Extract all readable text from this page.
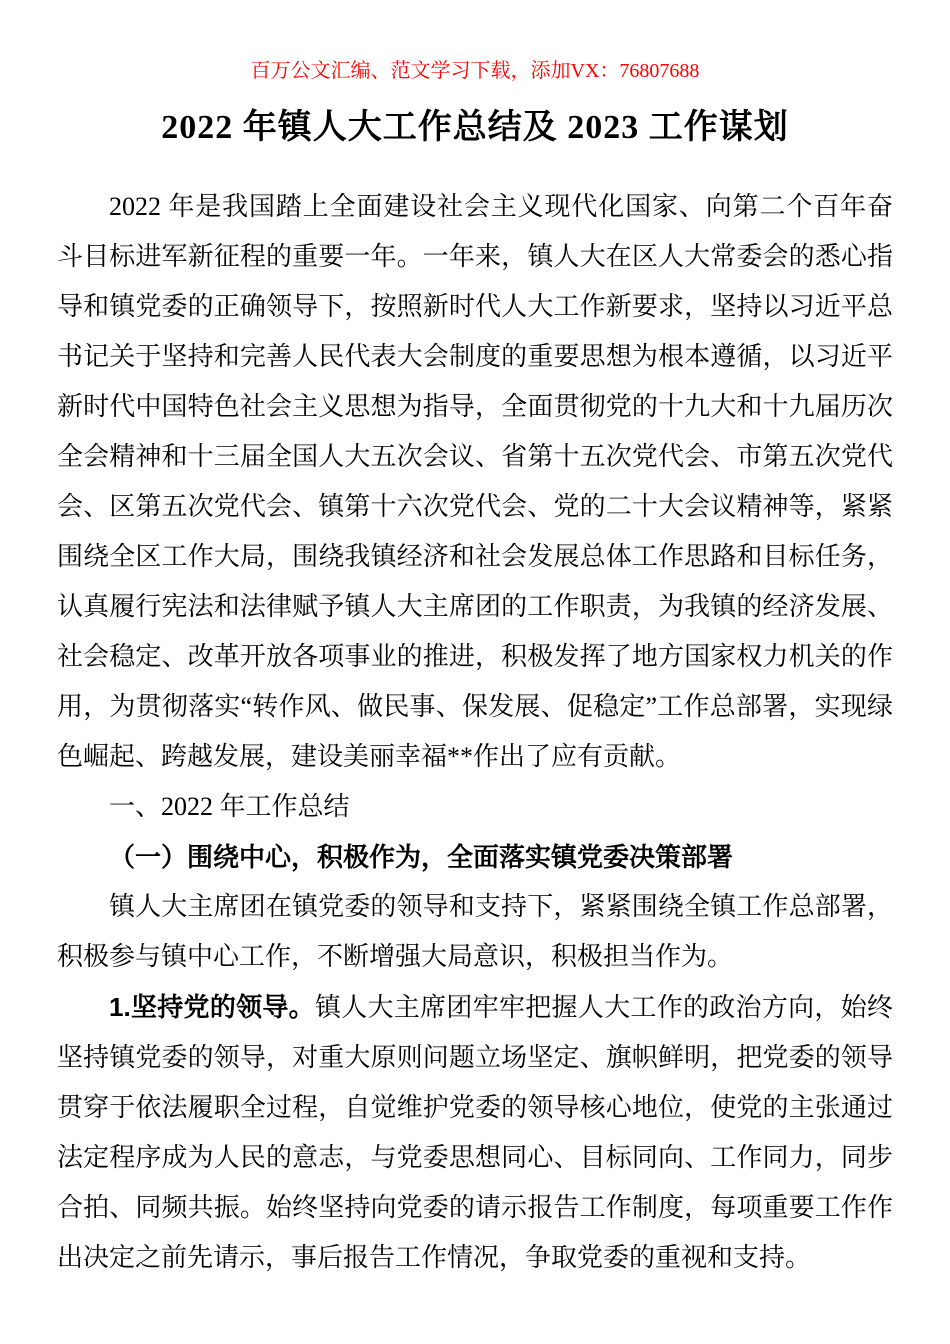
百万公文汇编、范文学习下载，添加VX：76807688
2022 年镇人大工作总结及 2023 工作谋划

2022 年是我国踏上全面建设社会主义现代化国家、向第二个百年奋斗目标进军新征程的重要一年。一年来，镇人大在区人大常委会的悉心指导和镇党委的正确领导下，按照新时代人大工作新要求，坚持以习近平总书记关于坚持和完善人民代表大会制度的重要思想为根本遵循，以习近平新时代中国特色社会主义思想为指导，全面贯彻党的十九大和十九届历次全会精神和十三届全国人大五次会议、省第十五次党代会、市第五次党代会、区第五次党代会、镇第十六次党代会、党的二十大会议精神等，紧紧围绕全区工作大局，围绕我镇经济和社会发展总体工作思路和目标任务，认真履行宪法和法律赋予镇人大主席团的工作职责，为我镇的经济发展、社会稳定、改革开放各项事业的推进，积极发挥了地方国家权力机关的作用，为贯彻落实“转作风、做民事、保发展、促稳定”工作总部署，实现绿色崛起、跨越发展，建设美丽幸福**作出了应有贡献。

一、2022 年工作总结

（一）围绕中心，积极作为，全面落实镇党委决策部署

镇人大主席团在镇党委的领导和支持下，紧紧围绕全镇工作总部署，积极参与镇中心工作，不断增强大局意识，积极担当作为。

1.坚持党的领导。镇人大主席团牢牢把握人大工作的政治方向，始终坚持镇党委的领导，对重大原则问题立场坚定、旗帜鲜明，把党委的领导贯穿于依法履职全过程，自觉维护党委的领导核心地位，使党的主张通过法定程序成为人民的意志，与党委思想同心、目标同向、工作同力，同步合拍、同频共振。始终坚持向党委的请示报告工作制度，每项重要工作作出决定之前先请示，事后报告工作情况，争取党委的重视和支持。
